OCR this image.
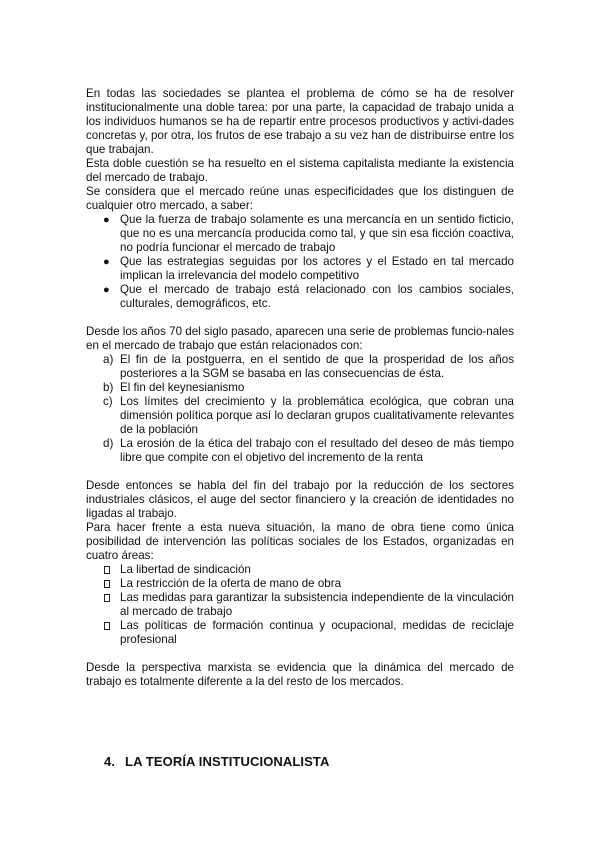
En todas las sociedades se plantea el problema de cómo se ha de resolver institucionalmente una doble tarea: por una parte, la capacidad de trabajo unida a los individuos humanos se ha de repartir entre procesos productivos y activi-dades concretas y, por otra, los frutos de ese trabajo a su vez han de distribuirse entre los que trabajan.

Esta doble cuestión se ha resuelto en el sistema capitalista mediante la existencia del mercado de trabajo.

Se considera que el mercado reúne unas especificidades que los distinguen de cualquier otro mercado, a saber:

● Que la fuerza de trabajo solamente es una mercancía en un sentido ficticio, que no es una mercancía producida como tal, y que sin esa ficción coactiva, no podría funcionar el mercado de trabajo
● Que las estrategias seguidas por los actores y el Estado en tal mercado implican la irrelevancia del modelo competitivo
● Que el mercado de trabajo está relacionado con los cambios sociales, culturales, demográficos, etc.

Desde los años 70 del siglo pasado, aparecen una serie de problemas funcio-nales en el mercado de trabajo que están relacionados con:

a) El fin de la postguerra, en el sentido de que la prosperidad de los años posteriores a la SGM se basaba en las consecuencias de ésta.
b) El fin del keynesianismo
c) Los límites del crecimiento y la problemática ecológica, que cobran una dimensión política porque así lo declaran grupos cualitativamente relevantes de la población
d) La erosión de la ética del trabajo con el resultado del deseo de más tiempo libre que compite con el objetivo del incremento de la renta

Desde entonces se habla del fin del trabajo por la reducción de los sectores industriales clásicos, el auge del sector financiero y la creación de identidades no ligadas al trabajo.

Para hacer frente a esta nueva situación, la mano de obra tiene como única posibilidad de intervención las políticas sociales de los Estados, organizadas en cuatro áreas:

La libertad de sindicación
La restricción de la oferta de mano de obra
Las medidas para garantizar la subsistencia independiente de la vinculación al mercado de trabajo
Las políticas de formación continua y ocupacional, medidas de reciclaje profesional

Desde la perspectiva marxista se evidencia que la dinámica del mercado de trabajo es totalmente diferente a la del resto de los mercados.

4. LA TEORÍA INSTITUCIONALISTA
